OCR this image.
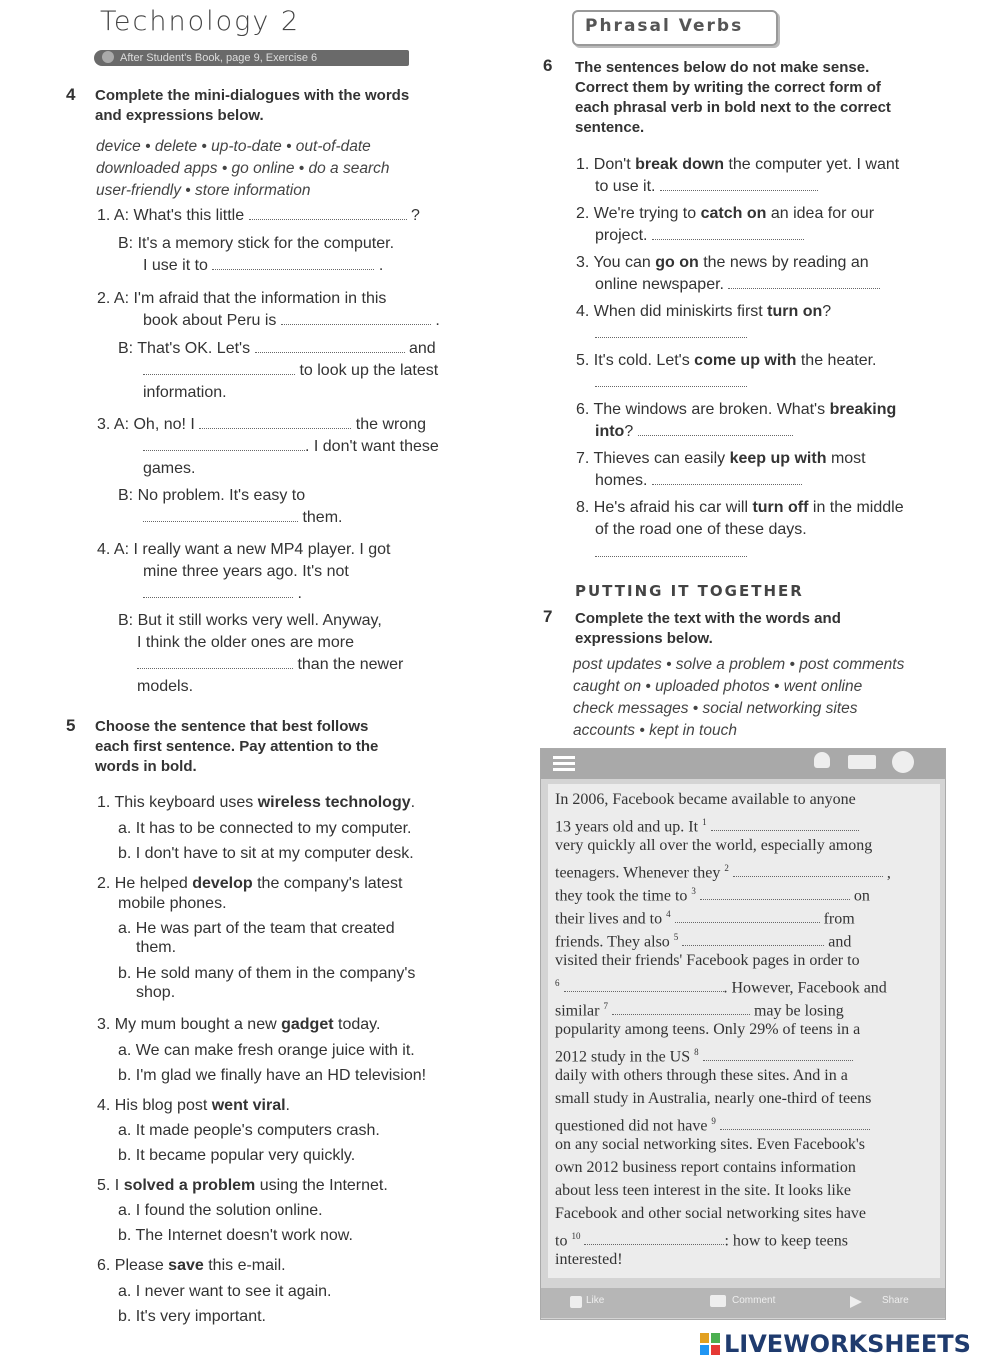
Technology 2	Phrasal Verbs
After Student's Book, page 9, Exercise 6
4 Complete the mini-dialogues with the words
and expressions below.
device • delete • up-to-date • out-of-date
downloaded apps • go online • do a search
user-friendly • store information
1. A: What's this little	?
B: It's a memory stick for the computer.
I use it to	.
2. A: I'm afraid that the information in this
book about Peru is	.
B: That's OK. Let's	and
to look up the latest
information.
3. A: Oh, no! I	the wrong
. I don't want these
games.
B: No problem. It's easy to
them.
4. A: I really want a new MP4 player. I got
mine three years ago. It's not
.
B: But it still works very well. Anyway,
I think the older ones are more
than the newer
models.
5 Choose the sentence that best follows
each first sentence. Pay attention to the
words in bold.
1. This keyboard uses wireless technology.
a. It has to be connected to my computer.
b. I don't have to sit at my computer desk.
2. He helped develop the company's latest
mobile phones.
a. He was part of the team that created
them.
b. He sold many of them in the company's
shop.
3. My mum bought a new gadget today.
a. We can make fresh orange juice with it.
b. I'm glad we finally have an HD television!
4. His blog post went viral.
a. It made people's computers crash.
b. It became popular very quickly.
5. I solved a problem using the Internet.
a. I found the solution online.
b. The Internet doesn't work now.
6. Please save this e-mail.
a. I never want to see it again.
b. It's very important.
6 The sentences below do not make sense.
Correct them by writing the correct form of
each phrasal verb in bold next to the correct
sentence.
1. Don't break down the computer yet. I want
to use it.
2. We're trying to catch on an idea for our
project.
3. You can go on the news by reading an
online newspaper.
4. When did miniskirts first turn on?
5. It's cold. Let's come up with the heater.
6. The windows are broken. What's breaking
into?
7. Thieves can easily keep up with most
homes.
8. He's afraid his car will turn off in the middle
of the road one of these days.
PUTTING IT TOGETHER
7 Complete the text with the words and
expressions below.
post updates • solve a problem • post comments
caught on • uploaded photos • went online
check messages • social networking sites
accounts • kept in touch
In 2006, Facebook became available to anyone
13 years old and up. It $^1$
very quickly all over the world, especially among
teenagers. Whenever they $^2$	,
they took the time to $^3$	on
their lives and to $^4$	from
friends. They also $^5$	and
visited their friends' Facebook pages in order to
$^6$	. However, Facebook and
similar $^7$	may be losing
popularity among teens. Only 29% of teens in a
2012 study in the US $^8$
daily with others through these sites. And in a
small study in Australia, nearly one-third of teens
questioned did not have $^9$
on any social networking sites. Even Facebook's
own 2012 business report contains information
about less teen interest in the site. It looks like
Facebook and other social networking sites have
to $^{10}$	: how to keep teens
interested!
Like	Comment	Share
LIVEWORKSHEETS
